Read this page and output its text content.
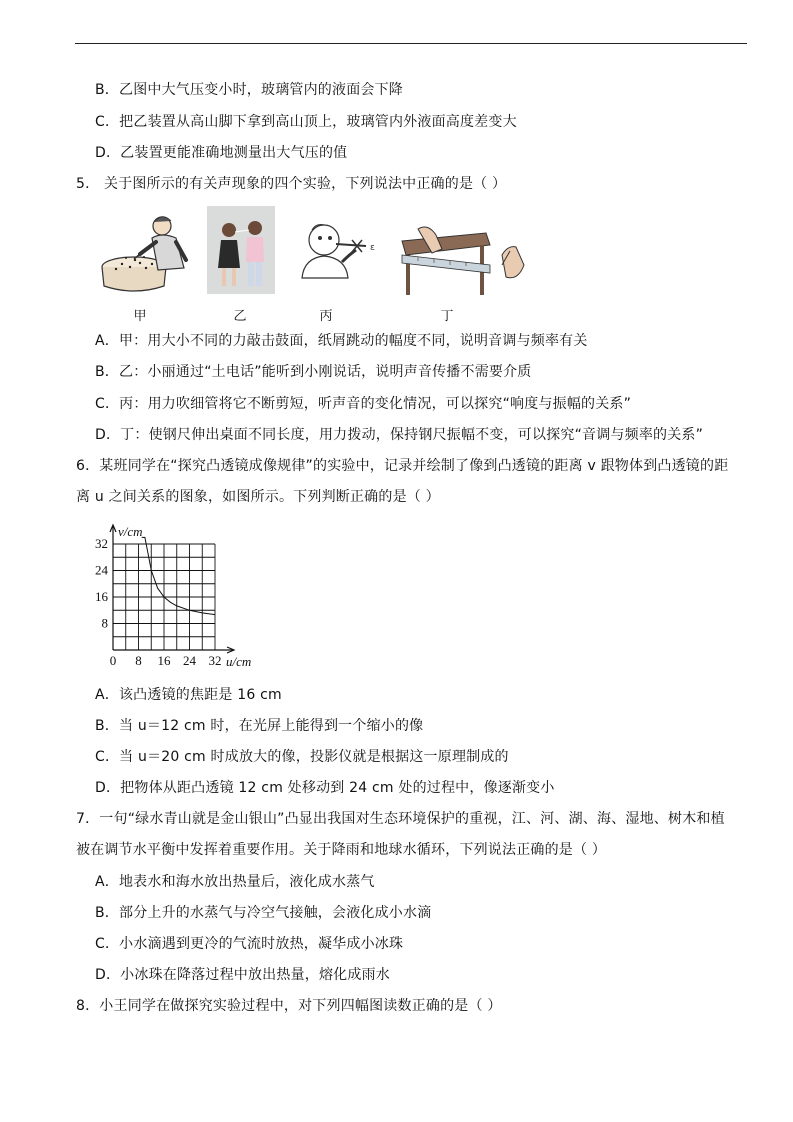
B．乙图中大气压变小时，玻璃管内的液面会下降
C．把乙装置从高山脚下拿到高山顶上，玻璃管内外液面高度差变大
D．乙装置更能准确地测量出大气压的值
5． 关于图所示的有关声现象的四个实验，下列说法中正确的是（ ）
甲	乙
ε
丙	丁
A．甲：用大小不同的力敲击鼓面，纸屑跳动的幅度不同，说明音调与频率有关
B．乙：小丽通过“土电话”能听到小刚说话，说明声音传播不需要介质
C．丙：用力吹细管将它不断剪短，听声音的变化情况，可以探究“响度与振幅的关系”
D．丁：使钢尺伸出桌面不同长度，用力拨动，保持钢尺振幅不变，可以探究“音调与频率的关系”
6．某班同学在“探究凸透镜成像规律”的实验中，记录并绘制了像到凸透镜的距离 v 跟物体到凸透镜的距
离 u 之间关系的图象，如图所示。下列判断正确的是（ ）
0 8 16 24 32
8
16
24
32
v/cm
u/cm
A．该凸透镜的焦距是 16 cm
B．当 u＝12 cm 时，在光屏上能得到一个缩小的像
C．当 u＝20 cm 时成放大的像，投影仪就是根据这一原理制成的
D．把物体从距凸透镜 12 cm 处移动到 24 cm 处的过程中，像逐渐变小
7．一句“绿水青山就是金山银山”凸显出我国对生态环境保护的重视，江、河、湖、海、湿地、树木和植
被在调节水平衡中发挥着重要作用。关于降雨和地球水循环，下列说法正确的是（ ）
A．地表水和海水放出热量后，液化成水蒸气
B．部分上升的水蒸气与冷空气接触，会液化成小水滴
C．小水滴遇到更冷的气流时放热，凝华成小冰珠
D．小冰珠在降落过程中放出热量，熔化成雨水
8．小王同学在做探究实验过程中，对下列四幅图读数正确的是（ ）
